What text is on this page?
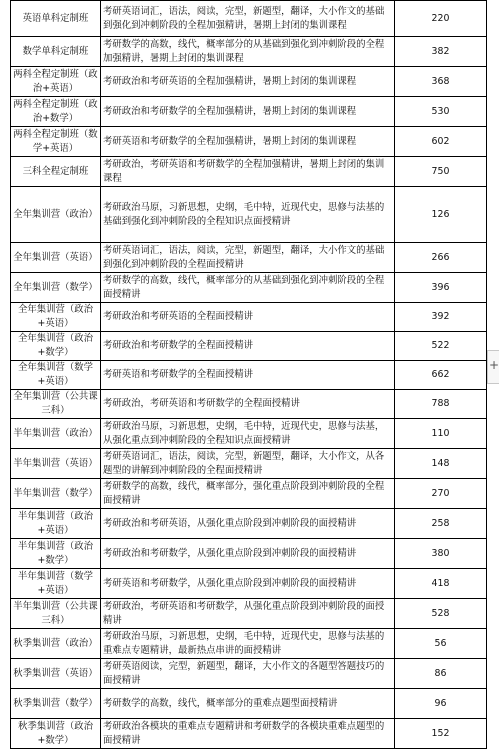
英语单科定制班	考研英语词汇，语法，阅读，完型，新题型，翻译，大小作文的基础到强化到冲刺阶段的全程加强精讲，暑期上封闭的集训课程	220
数学单科定制班	考研数学的高数，线代，概率部分的从基础到强化到冲刺阶段的全程加强精讲，暑期上封闭的集训课程	382
两科全程定制班（政治+英语）	考研政治和考研英语的全程加强精讲，暑期上封闭的集训课程	368
两科全程定制班（政治+数学）	考研政治和考研数学的全程加强精讲，暑期上封闭的集训课程	530
两科全程定制班（数学+英语）	考研英语和考研数学的全程加强精讲，暑期上封闭的集训课程	602
三科全程定制班	考研政治，考研英语和考研数学的全程加强精讲，暑期上封闭的集训课程	750
全年集训营（政治）	考研政治马原，习新思想，史纲，毛中特，近现代史，思修与法基的基础到强化到冲刺阶段的全程知识点面授精讲	126
全年集训营（英语）	考研英语词汇，语法，阅读，完型，新题型，翻译，大小作文的基础到强化到冲刺阶段的全程面授精讲	266
全年集训营（数学）	考研数学的高数，线代，概率部分的从基础到强化到冲刺阶段的全程面授精讲	396
全年集训营（政治+英语）	考研政治和考研英语的全程面授精讲	392
全年集训营（政治+数学）	考研政治和考研数学的全程面授精讲	522
全年集训营（数学+英语）	考研英语和考研数学的全程面授精讲	662
全年集训营（公共课三科）	考研政治，考研英语和考研数学的全程面授精讲	788
半年集训营（政治）	考研政治马原，习新思想，史纲，毛中特，近现代史，思修与法基，从强化重点到冲刺阶段的全程知识点面授精讲	110
半年集训营（英语）	考研英语词汇，语法，阅读，完型，新题型，翻译，大小作文，从各题型的讲解到冲刺阶段的全程面授精讲	148
半年集训营（数学）	考研数学的高数，线代，概率部分，强化重点阶段到冲刺阶段的全程面授精讲	270
半年集训营（政治+英语）	考研政治和考研英语，从强化重点阶段到冲刺阶段的面授精讲	258
半年集训营（政治+数学）	考研政治和考研数学，从强化重点阶段到冲刺阶段的面授精讲	380
半年集训营（数学+英语）	考研英语和考研数学，从强化重点阶段到冲刺阶段的面授精讲	418
半年集训营（公共课三科）	考研政治，考研英语和考研数学，从强化重点阶段到冲刺阶段的面授精讲	528
秋季集训营（政治）	考研政治马原，习新思想，史纲，毛中特，近现代史，思修与法基的重难点专题精讲，最新热点串讲的面授精讲	56
秋季集训营（英语）	考研英语阅读，完型，新题型，翻译，大小作文的各题型答题技巧的面授精讲	86
秋季集训营（数学）	考研数学的高数，线代，概率部分的重难点题型面授精讲	96
秋季集训营（政治+数学）	考研政治各模块的重难点专题精讲和考研数学的各模块重难点题型的面授精讲	152
+
